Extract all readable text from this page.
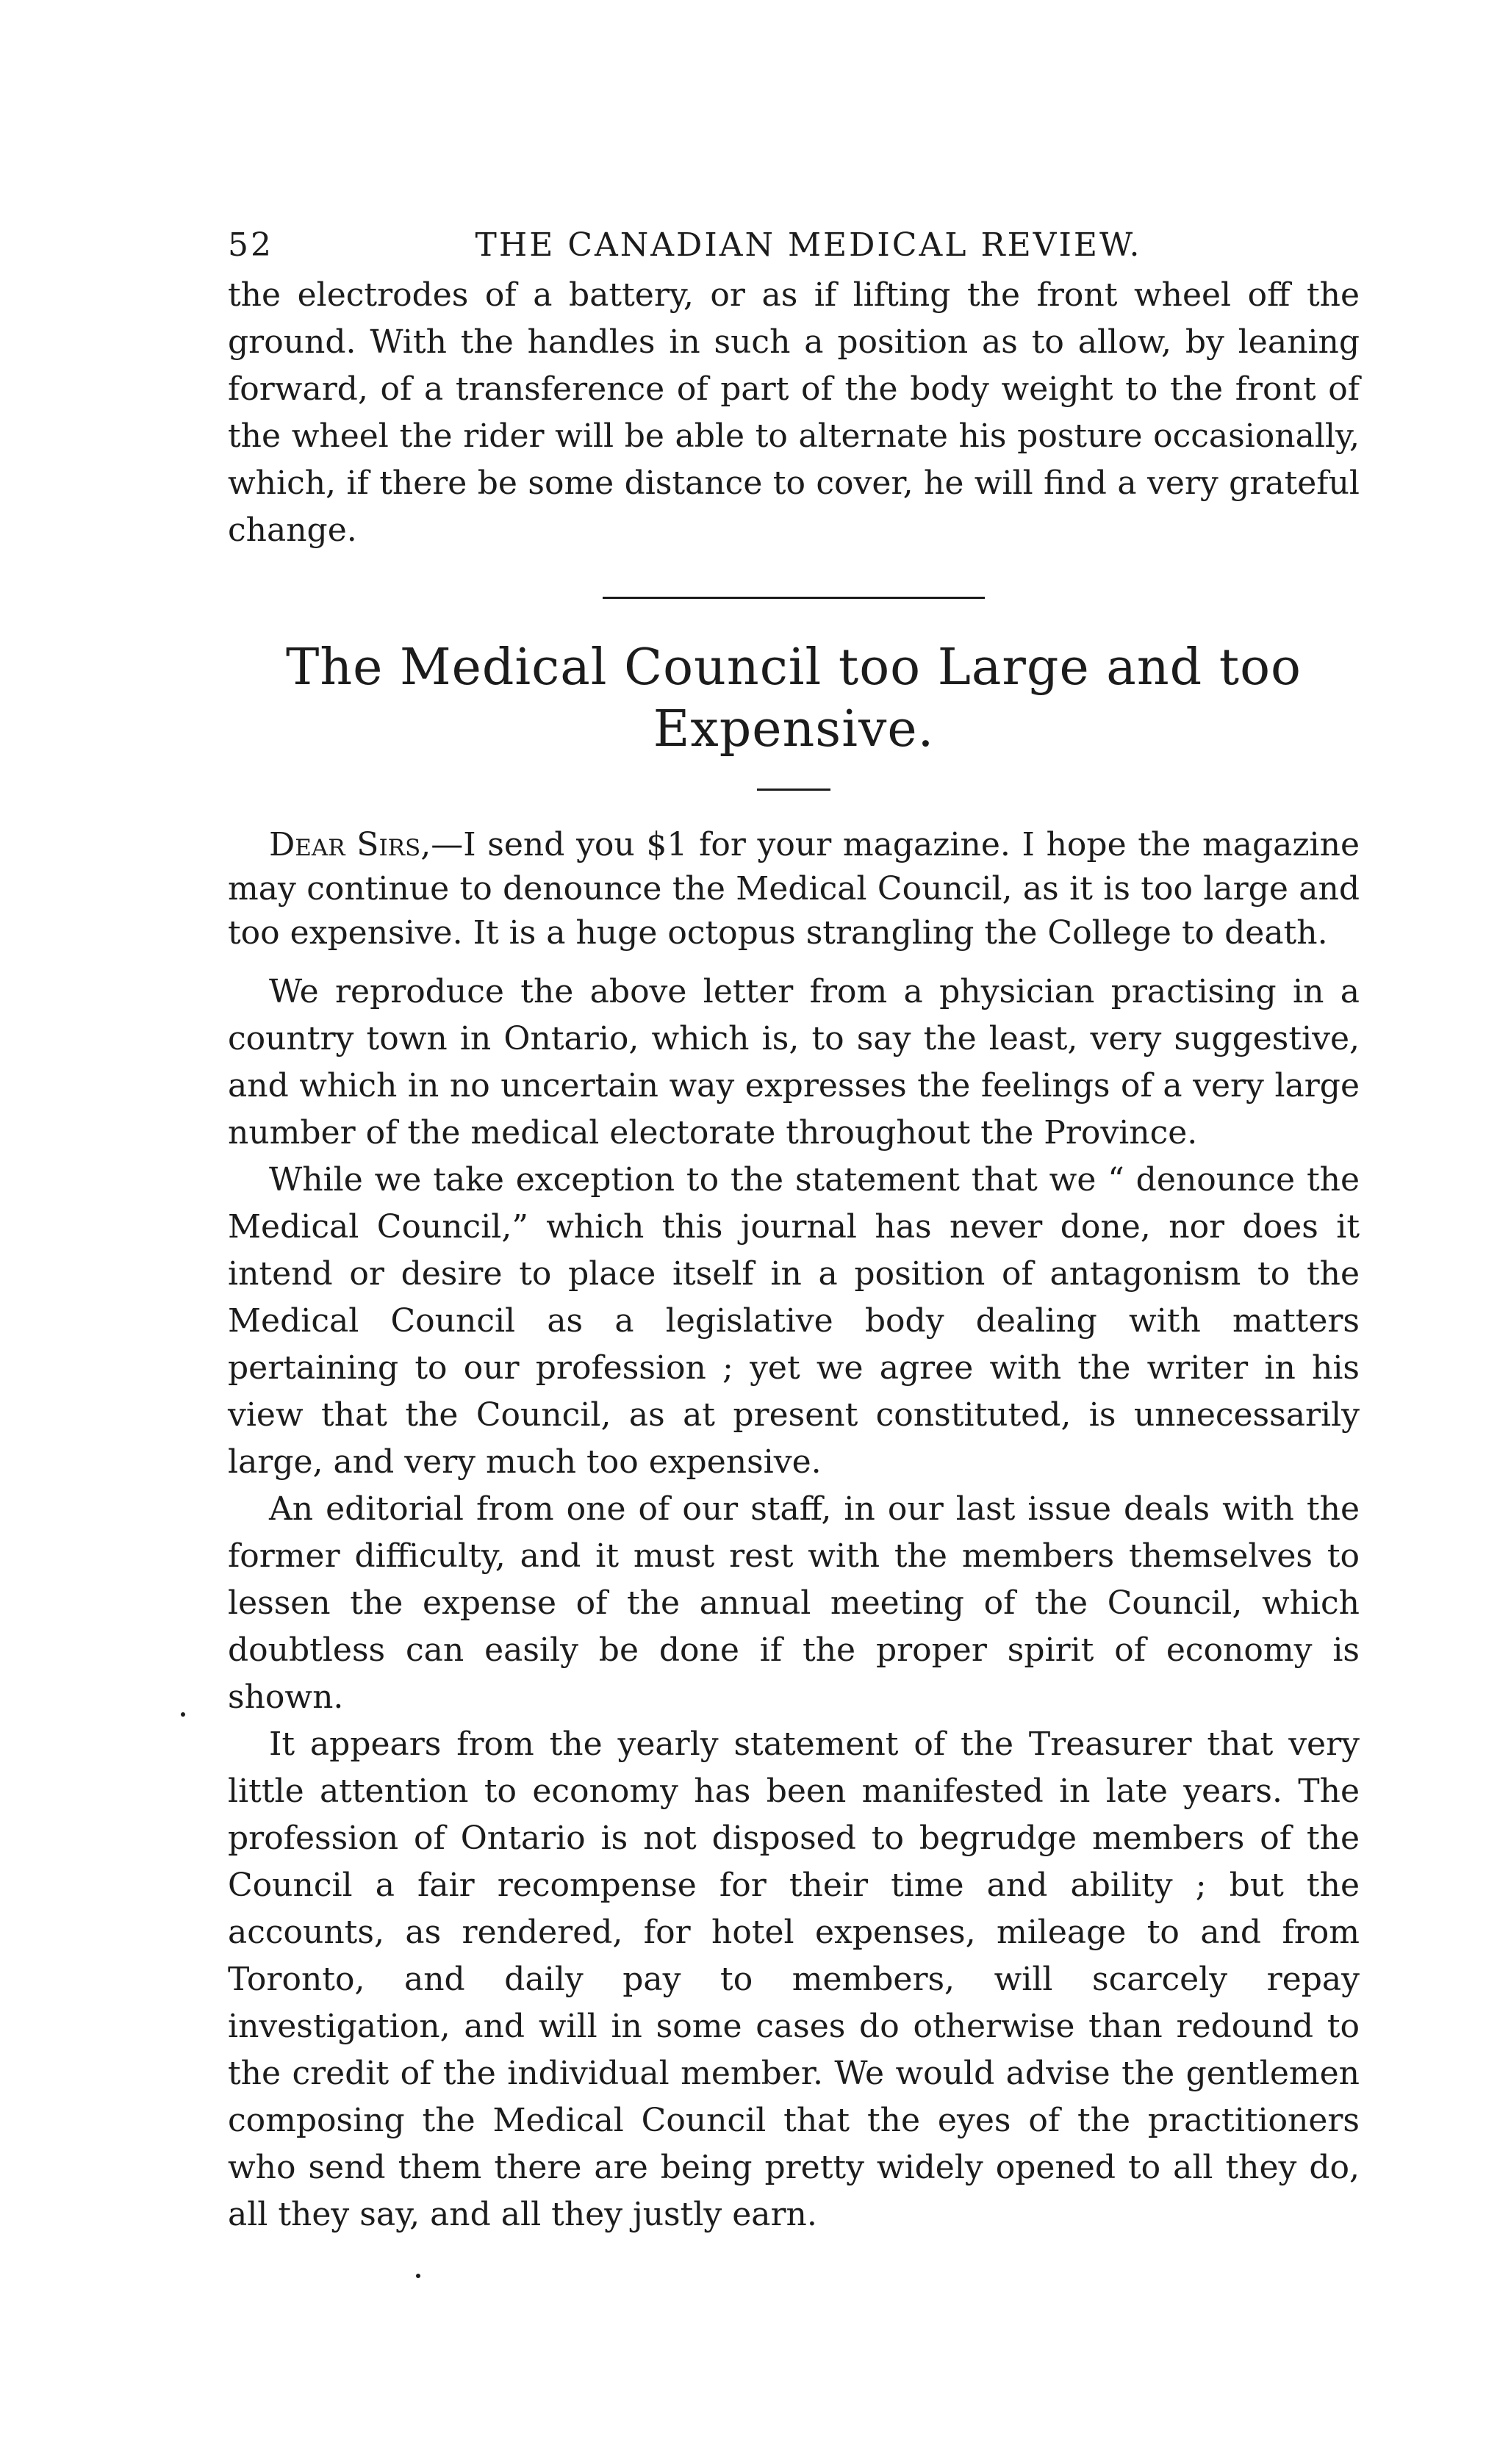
52	THE CANADIAN MEDICAL REVIEW.

the electrodes of a battery, or as if lifting the front wheel off the ground. With the handles in such a position as to allow, by leaning forward, of a transference of part of the body weight to the front of the wheel the rider will be able to alternate his posture occasionally, which, if there be some distance to cover, he will find a very grateful change.

The Medical Council too Large and too Expensive.

Dear Sirs,—I send you $1 for your magazine. I hope the magazine may continue to denounce the Medical Council, as it is too large and too expensive. It is a huge octopus strangling the College to death.

We reproduce the above letter from a physician practising in a country town in Ontario, which is, to say the least, very suggestive, and which in no uncertain way expresses the feelings of a very large number of the medical electorate throughout the Province.

While we take exception to the statement that we “ denounce the Medical Council,” which this journal has never done, nor does it intend or desire to place itself in a position of antagonism to the Medical Council as a legislative body dealing with matters pertaining to our profession ; yet we agree with the writer in his view that the Council, as at present constituted, is unnecessarily large, and very much too expensive.

An editorial from one of our staff, in our last issue deals with the former difficulty, and it must rest with the members themselves to lessen the expense of the annual meeting of the Council, which doubtless can easily be done if the proper spirit of economy is shown.

It appears from the yearly statement of the Treasurer that very little attention to economy has been manifested in late years. The profession of Ontario is not disposed to begrudge members of the Council a fair recompense for their time and ability ; but the accounts, as rendered, for hotel expenses, mileage to and from Toronto, and daily pay to members, will scarcely repay investigation, and will in some cases do otherwise than redound to the credit of the individual member. We would advise the gentlemen composing the Medical Council that the eyes of the practitioners who send them there are being pretty widely opened to all they do, all they say, and all they justly earn.
